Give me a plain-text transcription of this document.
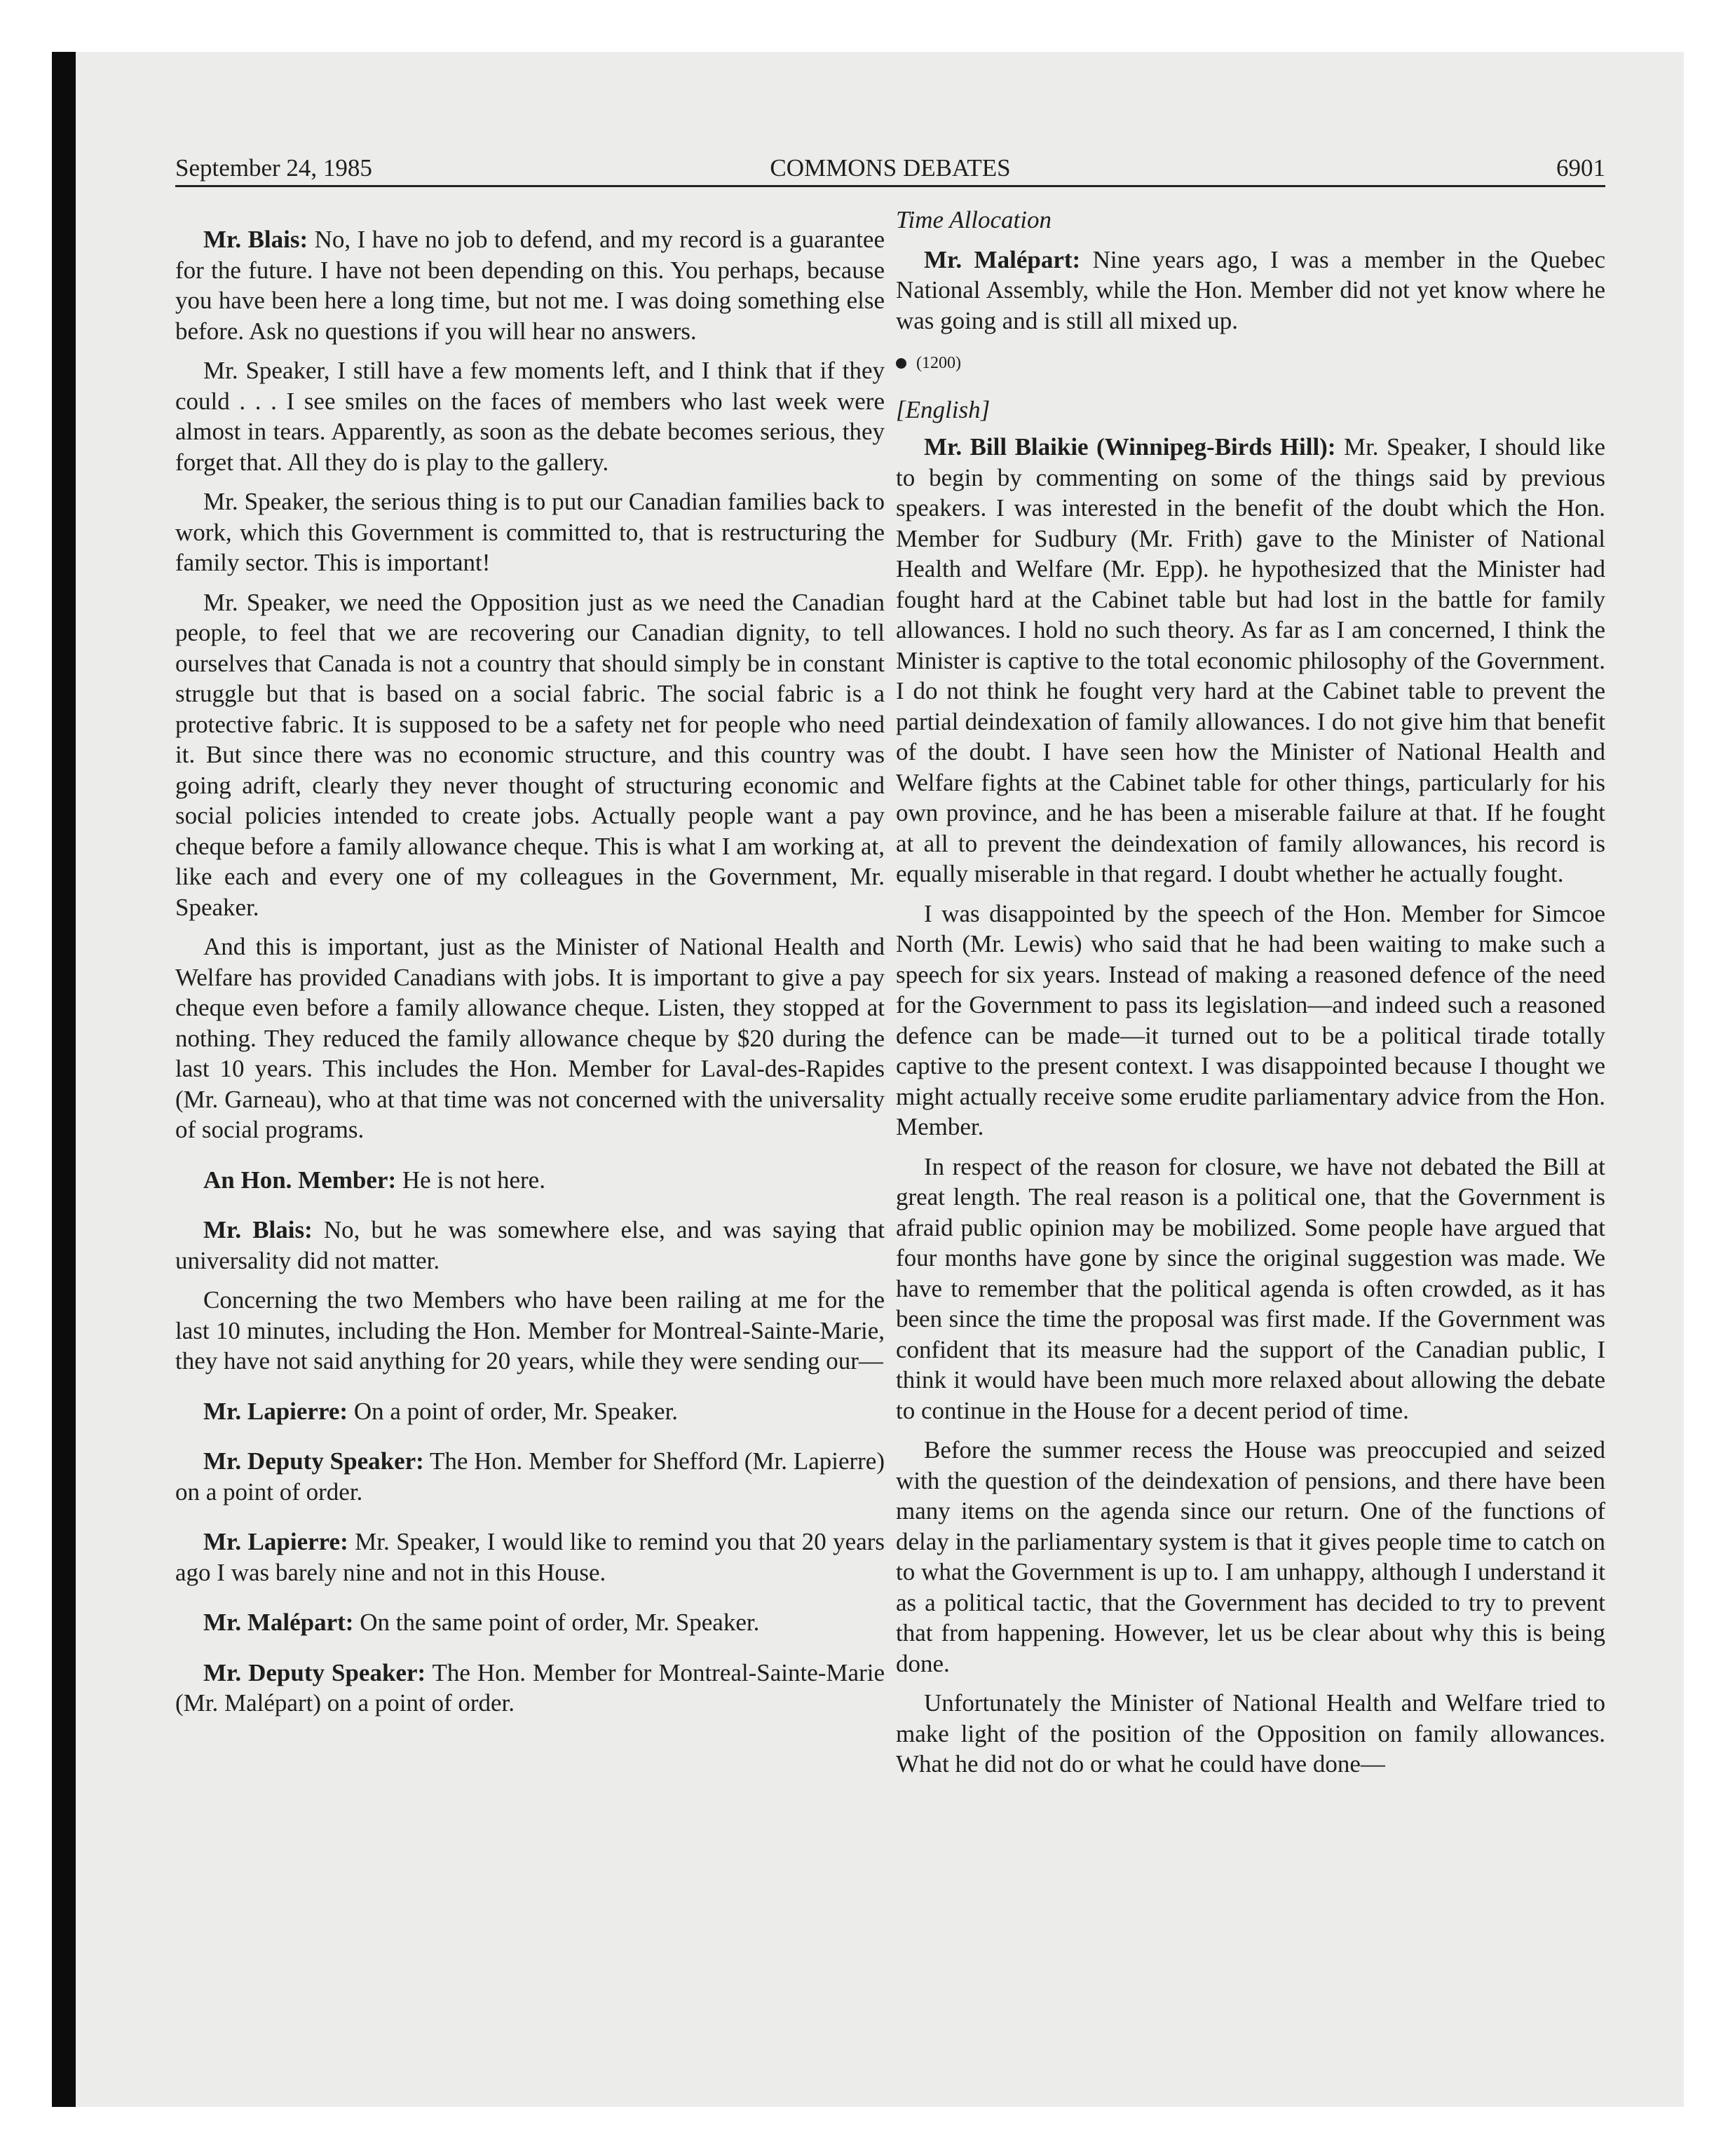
September 24, 1985	COMMONS DEBATES	6901

Mr. Blais: No, I have no job to defend, and my record is a guarantee for the future. I have not been depending on this. You perhaps, because you have been here a long time, but not me. I was doing something else before. Ask no questions if you will hear no answers.

Mr. Speaker, I still have a few moments left, and I think that if they could . . . I see smiles on the faces of members who last week were almost in tears. Apparently, as soon as the debate becomes serious, they forget that. All they do is play to the gallery.

Mr. Speaker, the serious thing is to put our Canadian families back to work, which this Government is committed to, that is restructuring the family sector. This is important!

Mr. Speaker, we need the Opposition just as we need the Canadian people, to feel that we are recovering our Canadian dignity, to tell ourselves that Canada is not a country that should simply be in constant struggle but that is based on a social fabric. The social fabric is a protective fabric. It is supposed to be a safety net for people who need it. But since there was no economic structure, and this country was going adrift, clearly they never thought of structuring economic and social policies intended to create jobs. Actually people want a pay cheque before a family allowance cheque. This is what I am working at, like each and every one of my colleagues in the Government, Mr. Speaker.

And this is important, just as the Minister of National Health and Welfare has provided Canadians with jobs. It is important to give a pay cheque even before a family allowance cheque. Listen, they stopped at nothing. They reduced the family allowance cheque by $20 during the last 10 years. This includes the Hon. Member for Laval-des-Rapides (Mr. Garneau), who at that time was not concerned with the universality of social programs.

An Hon. Member: He is not here.

Mr. Blais: No, but he was somewhere else, and was saying that universality did not matter.

Concerning the two Members who have been railing at me for the last 10 minutes, including the Hon. Member for Montreal-Sainte-Marie, they have not said anything for 20 years, while they were sending our—

Mr. Lapierre: On a point of order, Mr. Speaker.

Mr. Deputy Speaker: The Hon. Member for Shefford (Mr. Lapierre) on a point of order.

Mr. Lapierre: Mr. Speaker, I would like to remind you that 20 years ago I was barely nine and not in this House.

Mr. Malépart: On the same point of order, Mr. Speaker.

Mr. Deputy Speaker: The Hon. Member for Montreal-Sainte-Marie (Mr. Malépart) on a point of order.

Time Allocation

Mr. Malépart: Nine years ago, I was a member in the Quebec National Assembly, while the Hon. Member did not yet know where he was going and is still all mixed up.

(1200)

[English]

Mr. Bill Blaikie (Winnipeg-Birds Hill): Mr. Speaker, I should like to begin by commenting on some of the things said by previous speakers. I was interested in the benefit of the doubt which the Hon. Member for Sudbury (Mr. Frith) gave to the Minister of National Health and Welfare (Mr. Epp). he hypothesized that the Minister had fought hard at the Cabinet table but had lost in the battle for family allowances. I hold no such theory. As far as I am concerned, I think the Minister is captive to the total economic philosophy of the Government. I do not think he fought very hard at the Cabinet table to prevent the partial deindexation of family allowances. I do not give him that benefit of the doubt. I have seen how the Minister of National Health and Welfare fights at the Cabinet table for other things, particularly for his own province, and he has been a miserable failure at that. If he fought at all to prevent the deindexation of family allowances, his record is equally miserable in that regard. I doubt whether he actually fought.

I was disappointed by the speech of the Hon. Member for Simcoe North (Mr. Lewis) who said that he had been waiting to make such a speech for six years. Instead of making a reasoned defence of the need for the Government to pass its legislation—and indeed such a reasoned defence can be made—it turned out to be a political tirade totally captive to the present context. I was disappointed because I thought we might actually receive some erudite parliamentary advice from the Hon. Member.

In respect of the reason for closure, we have not debated the Bill at great length. The real reason is a political one, that the Government is afraid public opinion may be mobilized. Some people have argued that four months have gone by since the original suggestion was made. We have to remember that the political agenda is often crowded, as it has been since the time the proposal was first made. If the Government was confident that its measure had the support of the Canadian public, I think it would have been much more relaxed about allowing the debate to continue in the House for a decent period of time.

Before the summer recess the House was preoccupied and seized with the question of the deindexation of pensions, and there have been many items on the agenda since our return. One of the functions of delay in the parliamentary system is that it gives people time to catch on to what the Government is up to. I am unhappy, although I understand it as a political tactic, that the Government has decided to try to prevent that from happening. However, let us be clear about why this is being done.

Unfortunately the Minister of National Health and Welfare tried to make light of the position of the Opposition on family allowances. What he did not do or what he could have done—
